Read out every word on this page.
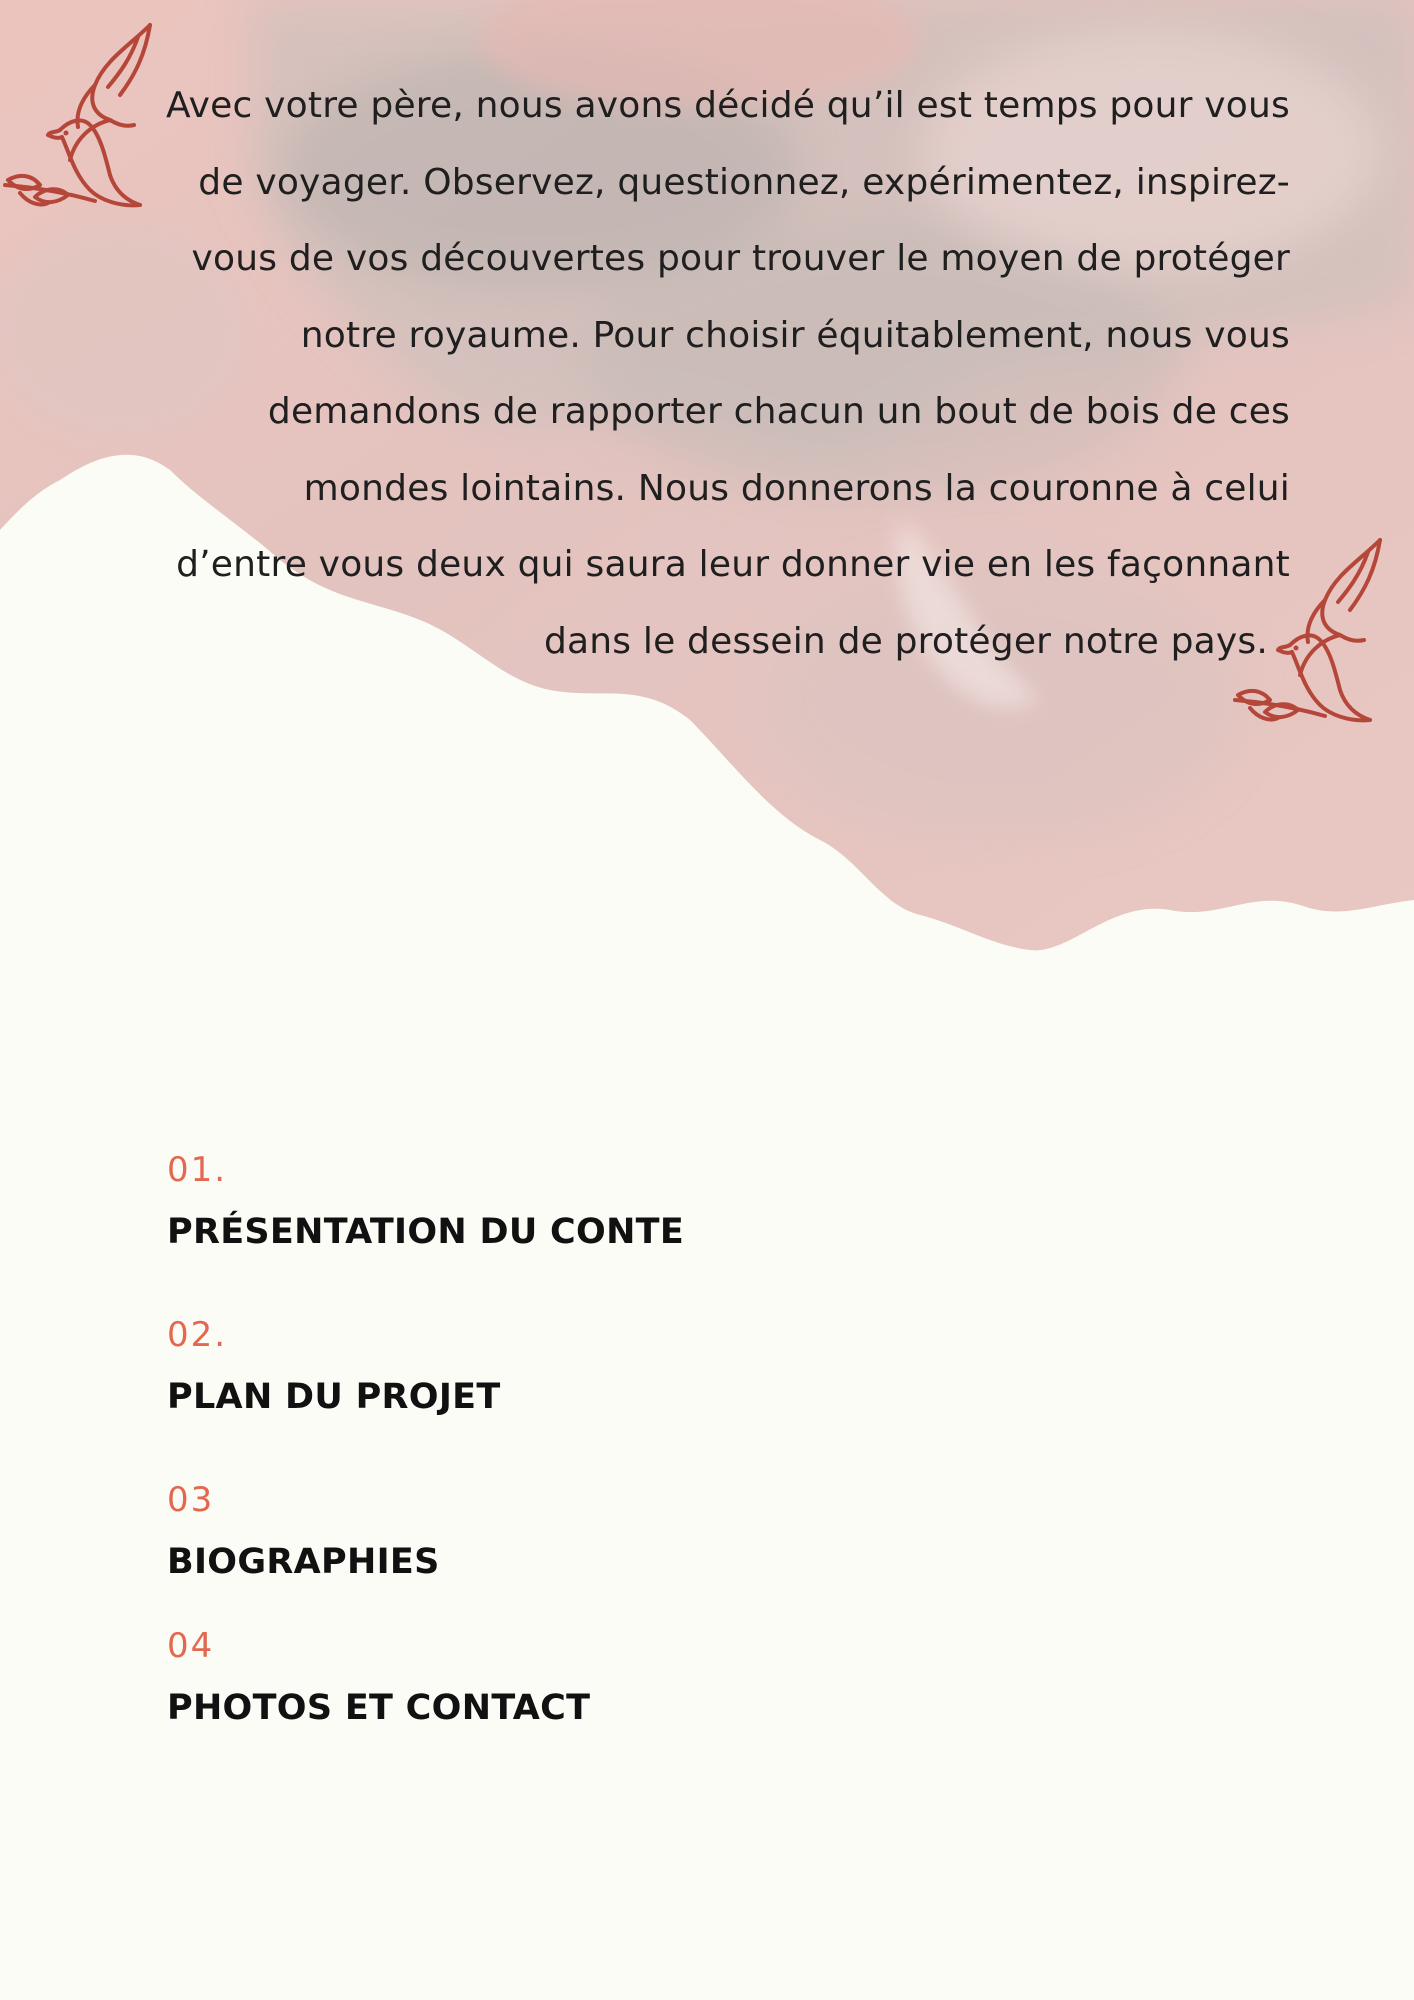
Avec votre père, nous avons décidé qu’il est temps pour vous
de voyager. Observez, questionnez, expérimentez, inspirez-
vous de vos découvertes pour trouver le moyen de protéger
notre royaume. Pour choisir équitablement, nous vous
demandons de rapporter chacun un bout de bois de ces
mondes lointains. Nous donnerons la couronne à celui
d’entre vous deux qui saura leur donner vie en les façonnant
dans le dessein de protéger notre pays.

01.
PRÉSENTATION DU CONTE
02.
PLAN DU PROJET
03
BIOGRAPHIES
04
PHOTOS ET CONTACT
